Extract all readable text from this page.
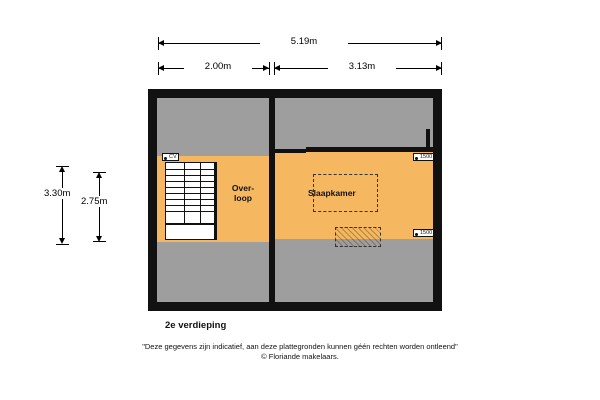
5.19m
2.00m	3.13m
3.30m
2.75m
Over-
loop	Slaapkamer
CV	1500
1500
2e verdieping
"Deze gegevens zijn indicatief, aan deze plattegronden kunnen géén rechten worden ontleend"
© Floriande makelaars.
